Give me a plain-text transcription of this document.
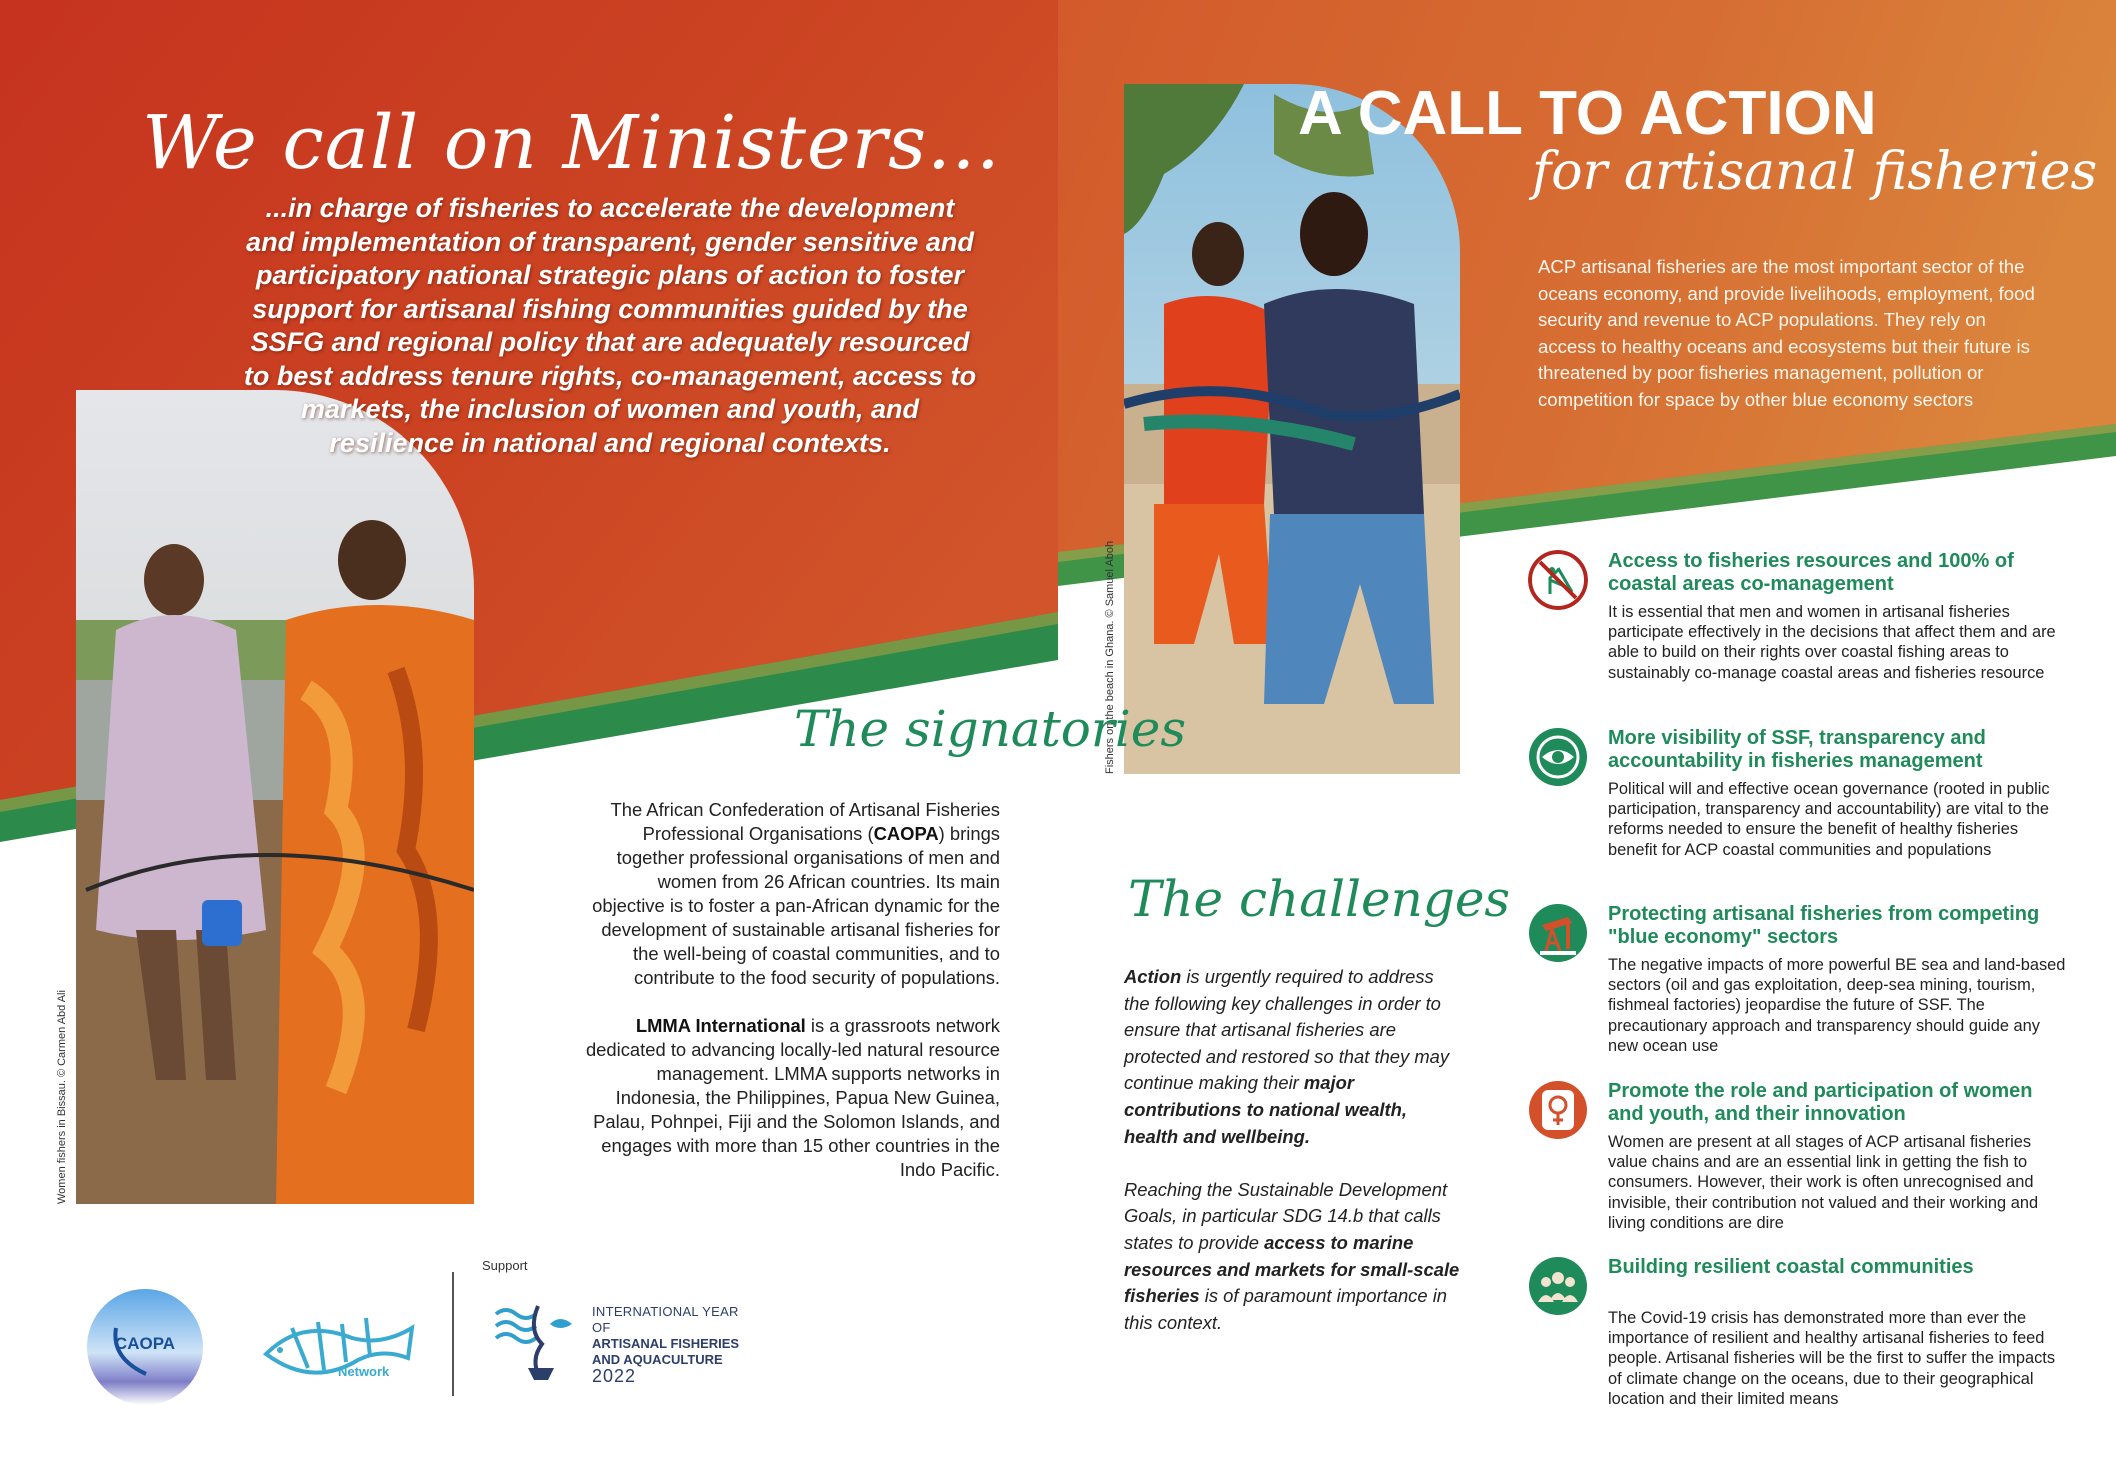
We call on Ministers...
...in charge of fisheries to accelerate the development and implementation of transparent, gender sensitive and participatory national strategic plans of action to foster support for artisanal fishing communities guided by the SSFG and regional policy that are adequately resourced to best address tenure rights, co-management, access to markets, the inclusion of women and youth, and resilience in national and regional contexts.
Women fishers in Bissau. © Carmen Abd Ali
The signatories

The African Confederation of Artisanal Fisheries Professional Organisations (CAOPA) brings together professional organisations of men and women from 26 African countries. Its main objective is to foster a pan-African dynamic for the development of sustainable artisanal fisheries for the well-being of coastal communities, and to contribute to the food security of populations.

LMMA International is a grassroots network dedicated to advancing locally-led natural resource management. LMMA supports networks in Indonesia, the Philippines, Papua New Guinea, Palau, Pohnpei, Fiji and the Solomon Islands, and engages with more than 15 other countries in the Indo Pacific.

CAOPA
Network
Support
INTERNATIONAL YEAR OF
ARTISANAL FISHERIES
AND AQUACULTURE
2022
Fishers on the beach in Ghana. © Samuel Aboh
A CALL TO ACTION
for artisanal fisheries
ACP artisanal fisheries are the most important sector of the oceans economy, and provide livelihoods, employment, food security and revenue to ACP populations. They rely on access to healthy oceans and ecosystems but their future is threatened by poor fisheries management, pollution or competition for space by other blue economy sectors
The challenges

Action is urgently required to address the following key challenges in order to ensure that artisanal fisheries are protected and restored so that they may continue making their major contributions to national wealth, health and wellbeing.

Reaching the Sustainable Development Goals, in particular SDG 14.b that calls states to provide access to marine resources and markets for small-scale fisheries is of paramount importance in this context.

Access to fisheries resources and 100% of coastal areas co-management
It is essential that men and women in artisanal fisheries participate effectively in the decisions that affect them and are able to build on their rights over coastal fishing areas to sustainably co-manage coastal areas and fisheries resource
More visibility of SSF, transparency and accountability in fisheries management
Political will and effective ocean governance (rooted in public participation, transparency and accountability) are vital to the reforms needed to ensure the benefit of healthy fisheries benefit for ACP coastal communities and populations
Protecting artisanal fisheries from competing "blue economy" sectors
The negative impacts of more powerful BE sea and land-based sectors (oil and gas exploitation, deep-sea mining, tourism, fishmeal factories) jeopardise the future of SSF. The precautionary approach and transparency should guide any new ocean use
Promote the role and participation of women and youth, and their innovation
Women are present at all stages of ACP artisanal fisheries value chains and are an essential link in getting the fish to consumers. However, their work is often unrecognised and invisible, their contribution not valued and their working and living conditions are dire
Building resilient coastal communities
The Covid-19 crisis has demonstrated more than ever the importance of resilient and healthy artisanal fisheries to feed people. Artisanal fisheries will be the first to suffer the impacts of climate change on the oceans, due to their geographical location and their limited means
